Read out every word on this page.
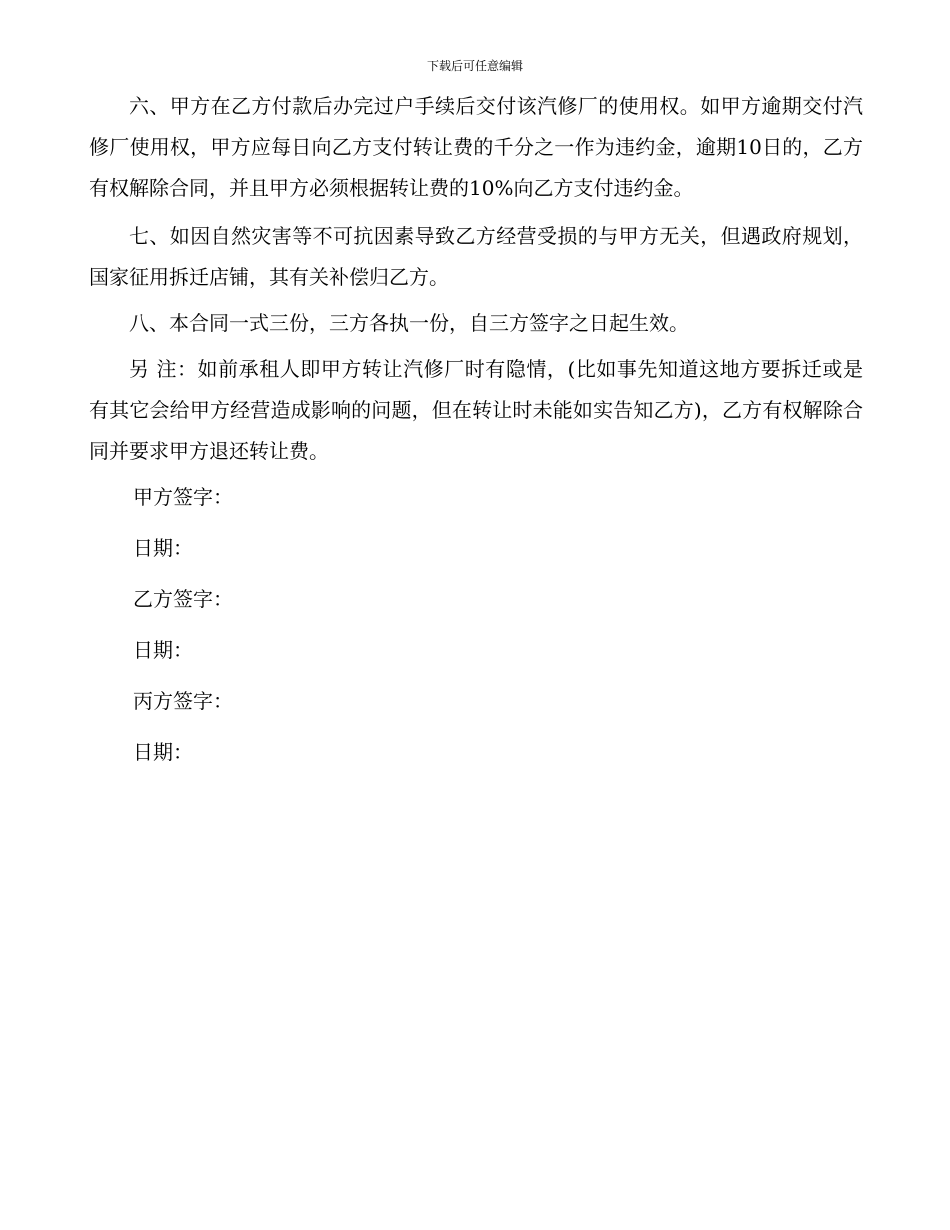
下载后可任意编辑

六、甲方在乙方付款后办完过户手续后交付该汽修厂的使用权。如甲方逾期交付汽修厂使用权，甲方应每日向乙方支付转让费的千分之一作为违约金，逾期10日的，乙方有权解除合同，并且甲方必须根据转让费的10%向乙方支付违约金。

七、如因自然灾害等不可抗因素导致乙方经营受损的与甲方无关，但遇政府规划，国家征用拆迁店铺，其有关补偿归乙方。

八、本合同一式三份，三方各执一份，自三方签字之日起生效。

另 注：如前承租人即甲方转让汽修厂时有隐情，(比如事先知道这地方要拆迁或是有其它会给甲方经营造成影响的问题，但在转让时未能如实告知乙方)，乙方有权解除合同并要求甲方退还转让费。

甲方签字：

日期：

乙方签字：

日期：

丙方签字：

日期：
